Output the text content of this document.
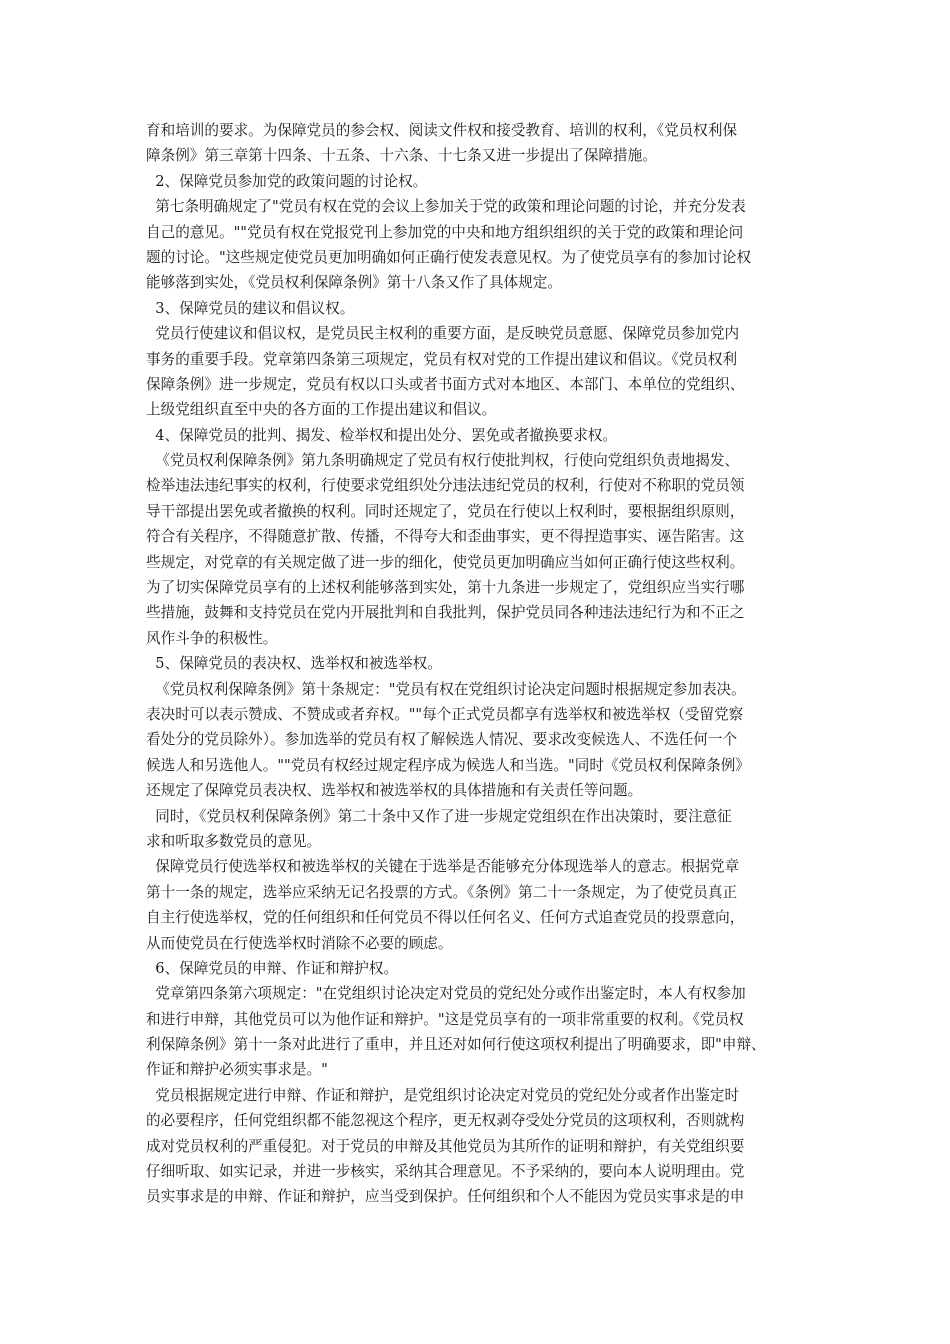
育和培训的要求。为保障党员的参会权、阅读文件权和接受教育、培训的权利，《党员权利保
障条例》第三章第十四条、十五条、十六条、十七条又进一步提出了保障措施。
2、保障党员参加党的政策问题的讨论权。
第七条明确规定了"党员有权在党的会议上参加关于党的政策和理论问题的讨论，并充分发表
自己的意见。""党员有权在党报党刊上参加党的中央和地方组织组织的关于党的政策和理论问
题的讨论。"这些规定使党员更加明确如何正确行使发表意见权。为了使党员享有的参加讨论权
能够落到实处，《党员权利保障条例》第十八条又作了具体规定。
3、保障党员的建议和倡议权。
党员行使建议和倡议权，是党员民主权利的重要方面，是反映党员意愿、保障党员参加党内
事务的重要手段。党章第四条第三项规定，党员有权对党的工作提出建议和倡议。《党员权利
保障条例》进一步规定，党员有权以口头或者书面方式对本地区、本部门、本单位的党组织、
上级党组织直至中央的各方面的工作提出建议和倡议。
4、保障党员的批判、揭发、检举权和提出处分、罢免或者撤换要求权。
《党员权利保障条例》第九条明确规定了党员有权行使批判权，行使向党组织负责地揭发、
检举违法违纪事实的权利，行使要求党组织处分违法违纪党员的权利，行使对不称职的党员领
导干部提出罢免或者撤换的权利。同时还规定了，党员在行使以上权利时，要根据组织原则，
符合有关程序，不得随意扩散、传播，不得夸大和歪曲事实，更不得捏造事实、诬告陷害。这
些规定，对党章的有关规定做了进一步的细化，使党员更加明确应当如何正确行使这些权利。
为了切实保障党员享有的上述权利能够落到实处，第十九条进一步规定了，党组织应当实行哪
些措施，鼓舞和支持党员在党内开展批判和自我批判，保护党员同各种违法违纪行为和不正之
风作斗争的积极性。
5、保障党员的表决权、选举权和被选举权。
《党员权利保障条例》第十条规定："党员有权在党组织讨论决定问题时根据规定参加表决。
表决时可以表示赞成、不赞成或者弃权。""每个正式党员都享有选举权和被选举权（受留党察
看处分的党员除外）。参加选举的党员有权了解候选人情况、要求改变候选人、不选任何一个
候选人和另选他人。""党员有权经过规定程序成为候选人和当选。"同时《党员权利保障条例》
还规定了保障党员表决权、选举权和被选举权的具体措施和有关责任等问题。
同时，《党员权利保障条例》第二十条中又作了进一步规定党组织在作出决策时，要注意征
求和听取多数党员的意见。
保障党员行使选举权和被选举权的关键在于选举是否能够充分体现选举人的意志。根据党章
第十一条的规定，选举应采纳无记名投票的方式。《条例》第二十一条规定，为了使党员真正
自主行使选举权，党的任何组织和任何党员不得以任何名义、任何方式追查党员的投票意向，
从而使党员在行使选举权时消除不必要的顾虑。
6、保障党员的申辩、作证和辩护权。
党章第四条第六项规定："在党组织讨论决定对党员的党纪处分或作出鉴定时，本人有权参加
和进行申辩，其他党员可以为他作证和辩护。"这是党员享有的一项非常重要的权利。《党员权
利保障条例》第十一条对此进行了重申，并且还对如何行使这项权利提出了明确要求，即"申辩、
作证和辩护必须实事求是。"
党员根据规定进行申辩、作证和辩护，是党组织讨论决定对党员的党纪处分或者作出鉴定时
的必要程序，任何党组织都不能忽视这个程序，更无权剥夺受处分党员的这项权利，否则就构
成对党员权利的严重侵犯。对于党员的申辩及其他党员为其所作的证明和辩护，有关党组织要
仔细听取、如实记录，并进一步核实，采纳其合理意见。不予采纳的，要向本人说明理由。党
员实事求是的申辩、作证和辩护，应当受到保护。任何组织和个人不能因为党员实事求是的申
